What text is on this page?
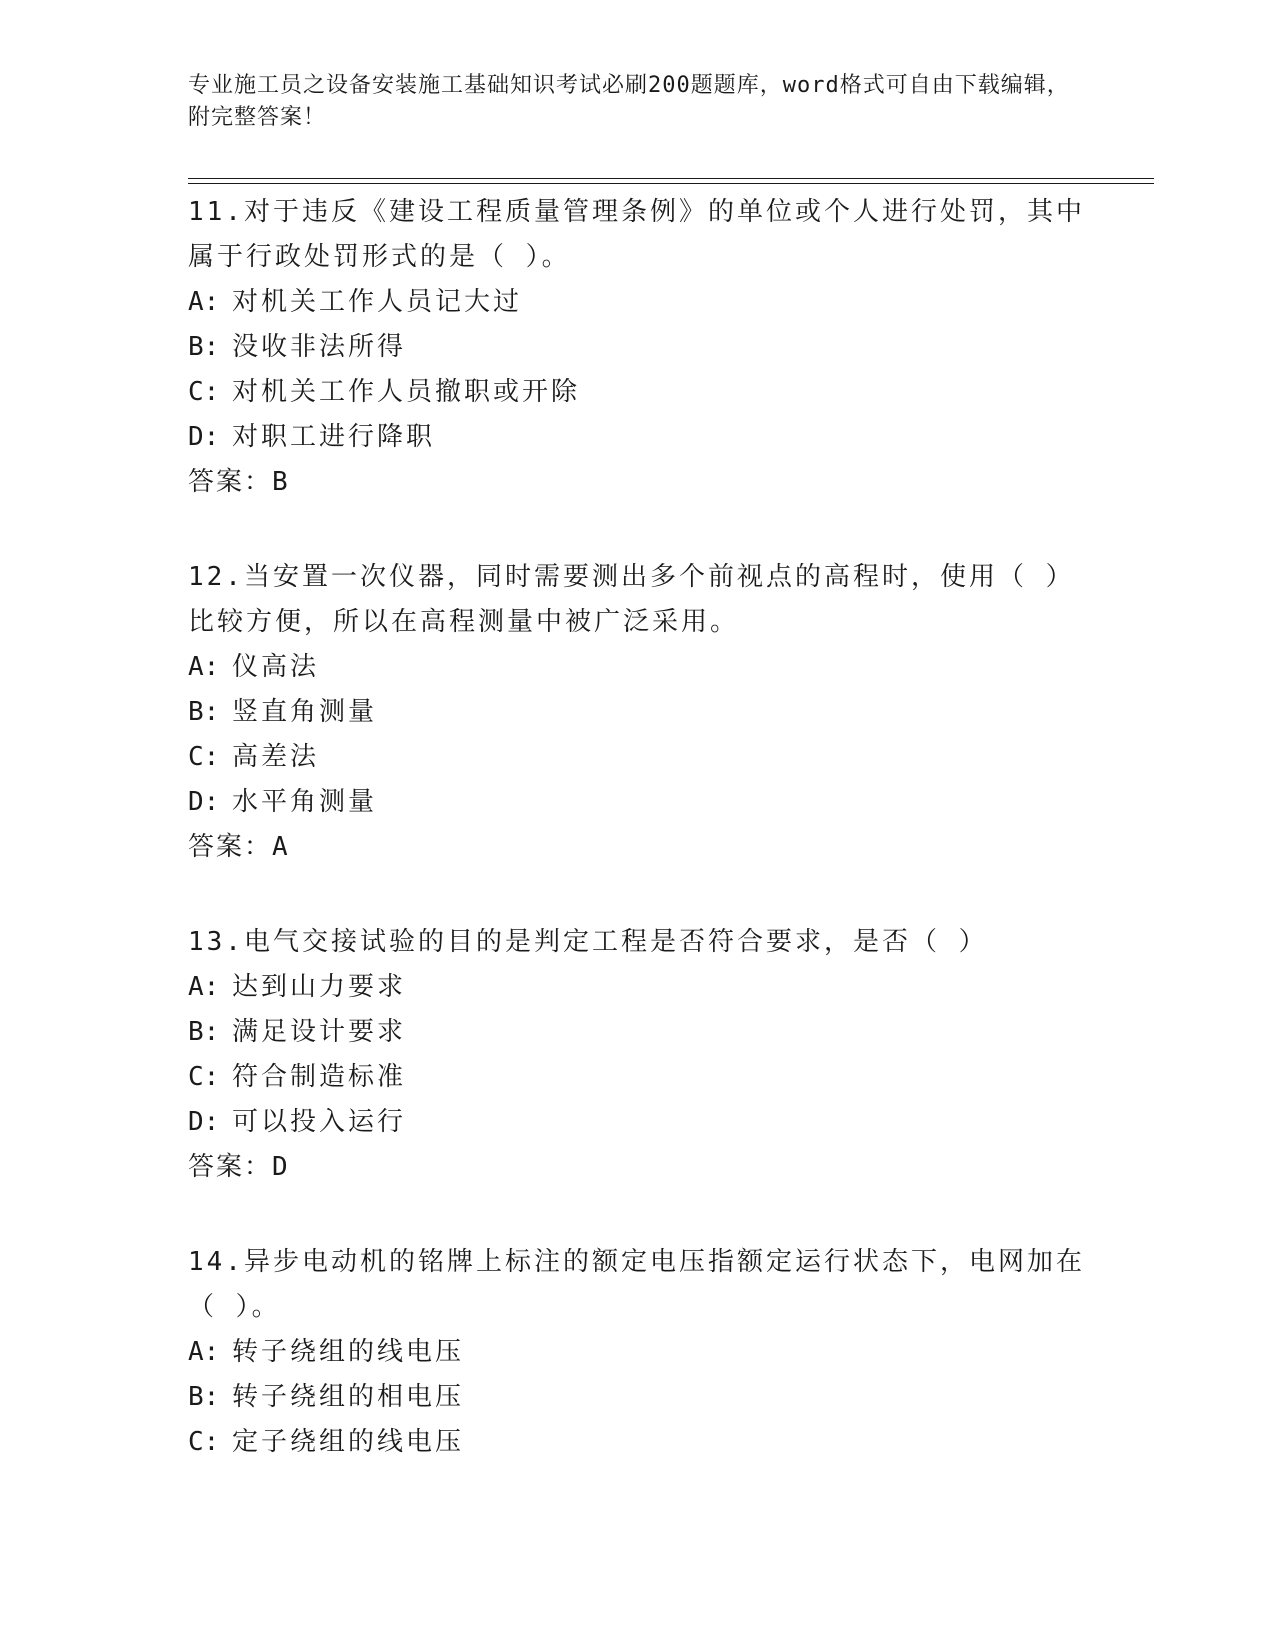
专业施工员之设备安装施工基础知识考试必刷200题题库，word格式可自由下载编辑，附完整答案！

11.对于违反《建设工程质量管理条例》的单位或个人进行处罚，其中属于行政处罚形式的是（ ）。

A: 对机关工作人员记大过

B: 没收非法所得

C: 对机关工作人员撤职或开除

D: 对职工进行降职

答案：B

12.当安置一次仪器，同时需要测出多个前视点的高程时，使用（ ）比较方便，所以在高程测量中被广泛采用。

A: 仪高法

B: 竖直角测量

C: 高差法

D: 水平角测量

答案：A

13.电气交接试验的目的是判定工程是否符合要求，是否（ ）

A: 达到山力要求

B: 满足设计要求

C: 符合制造标准

D: 可以投入运行

答案：D

14.异步电动机的铭牌上标注的额定电压指额定运行状态下，电网加在（ ）。

A: 转子绕组的线电压

B: 转子绕组的相电压

C: 定子绕组的线电压
